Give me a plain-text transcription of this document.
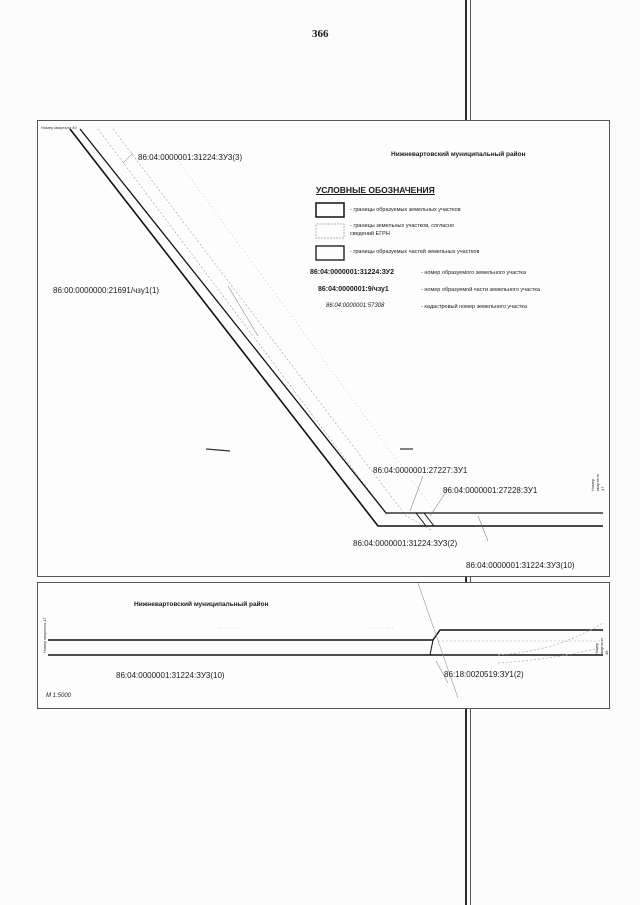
366
Номер квартала 40
Нижневартовский муниципальный район
86:04:0000001:31224:ЗУ3(3)
86:00:0000000:21691/чзу1(1)
86:04:0000001:27227:ЗУ1
86:04:0000001:27228:ЗУ1
86:04:0000001:31224:ЗУ3(2)
86:04:0000001:31224:ЗУ3(10)
Номер квартала 47
УСЛОВНЫЕ ОБОЗНАЧЕНИЯ
- границы образуемых земельных участков
- границы земельных участков, согласно
сведений ЕГРН
- границы образуемых частей земельных участков
86:04:0000001:31224:ЗУ2	- номер образуемого земельного участка
86:04:0000001:9/чзу1	- номер образуемой части земельного участка
86:04:0000001:57308	- кадастровый номер земельного участка
Нижневартовский муниципальный район
Номер квартала 47	Номер квартала 48
86:04:0000001:31224:ЗУ3(10)	86:18:0020519:ЗУ1(2)
М 1:5000
